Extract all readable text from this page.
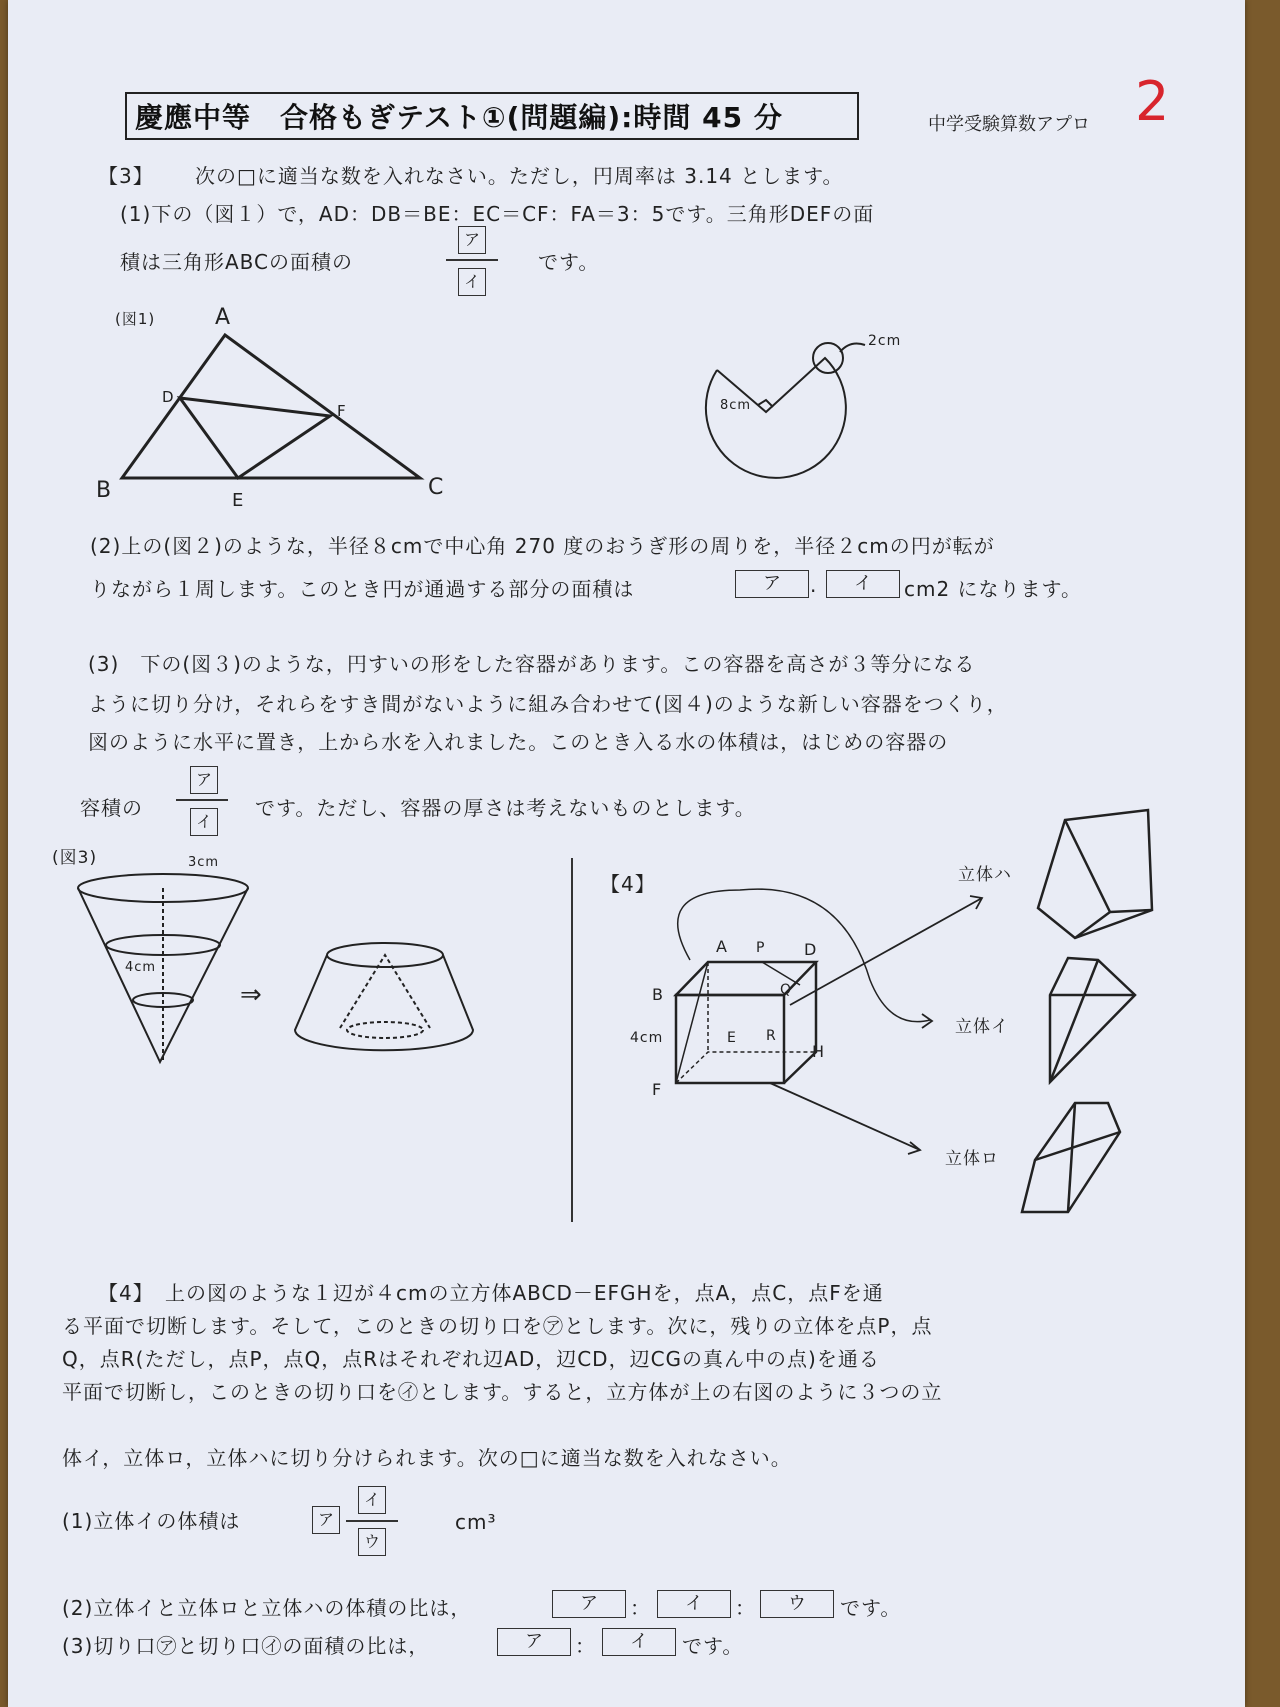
慶應中等　合格もぎテスト①(問題編):時間 45 分	中学受験算数アプロ 2
【3】 次の□に適当な数を入れなさい。ただし，円周率は 3.14 とします。
(1)下の（図１）で，AD：DB＝BE：EC＝CF：FA＝3：5です。三角形DEFの面
積は三角形ABCの面積の
ア
イ
です。
(図1)	A
B	C
D
E
F	8cm
2cm
(2)上の(図２)のような，半径８cmで中心角 270 度のおうぎ形の周りを，半径２cmの円が転が
りながら１周します。このとき円が通過する部分の面積は	ア	.	イ	cm2 になります。
(3)　下の(図３)のような，円すいの形をした容器があります。この容器を高さが３等分になる
ように切り分け，それらをすき間がないように組み合わせて(図４)のような新しい容器をつくり，
図のように水平に置き，上から水を入れました。このとき入る水の体積は，はじめの容器の
容積の
ア
イ
です。ただし、容器の厚さは考えないものとします。
(図3)	3cm
4cm
⇒
【4】
A P D
B	Q
E R
H
F
4cm
立体ハ
立体イ
立体ロ
【4】 上の図のような１辺が４cmの立方体ABCD－EFGHを，点A，点C，点Fを通
る平面で切断します。そして，このときの切り口を㋐とします。次に，残りの立体を点P，点
Q，点R(ただし，点P，点Q，点Rはそれぞれ辺AD，辺CD，辺CGの真ん中の点)を通る
平面で切断し，このときの切り口を㋑とします。すると，立方体が上の右図のように３つの立
体イ，立体ロ，立体ハに切り分けられます。次の□に適当な数を入れなさい。
(1)立体イの体積は	ア
イ
ウ
cm³
(2)立体イと立体ロと立体ハの体積の比は，	ア	：	イ	：	ウ	です。
(3)切り口㋐と切り口㋑の面積の比は，	ア	：	イ	です。
